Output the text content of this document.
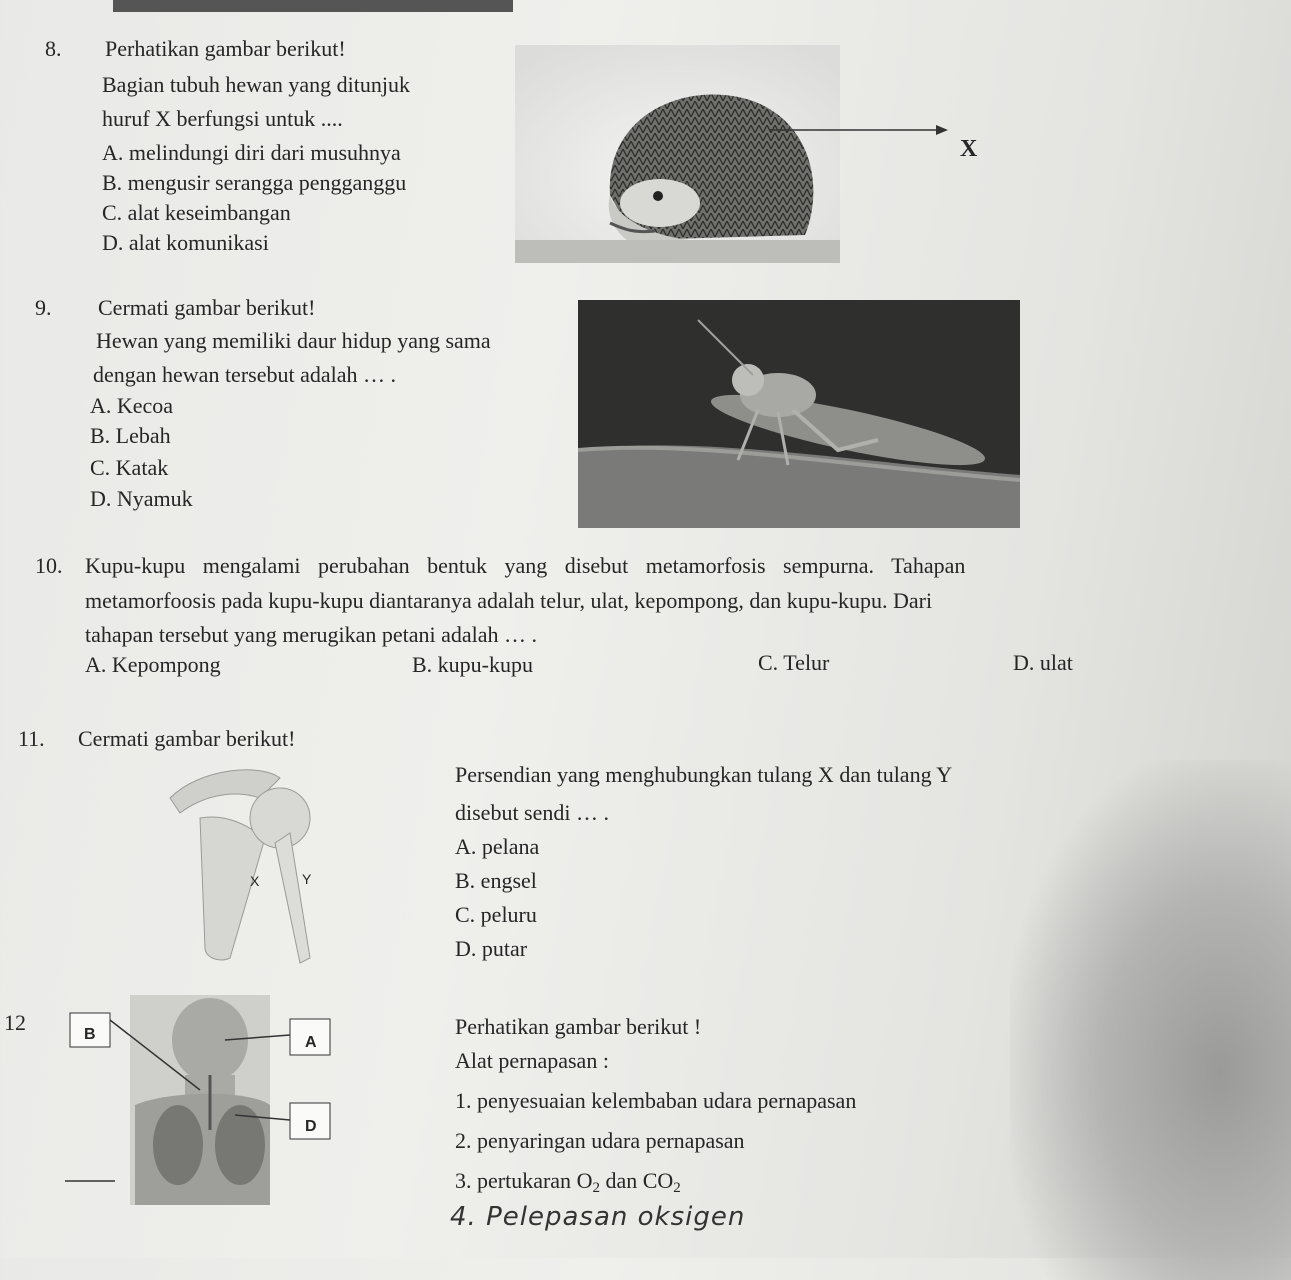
8. Perhatikan gambar berikut!
Bagian tubuh hewan yang ditunjuk
huruf X berfungsi untuk ....
A. melindungi diri dari musuhnya
B. mengusir serangga pengganggu
C. alat keseimbangan
D. alat komunikasi
X
9. Cermati gambar berikut!
Hewan yang memiliki daur hidup yang sama
dengan hewan tersebut adalah … .
A. Kecoa
B. Lebah
C. Katak
D. Nyamuk
10. Kupu-kupu mengalami perubahan bentuk yang disebut metamorfosis sempurna. Tahapan
metamorfoosis pada kupu-kupu diantaranya adalah telur, ulat, kepompong, dan kupu-kupu. Dari
tahapan tersebut yang merugikan petani adalah … .
A. Kepompong	B. kupu-kupu	C. Telur	D. ulat
11. Cermati gambar berikut!
X	Y
Persendian yang menghubungkan tulang X dan tulang Y
disebut sendi … .
A. pelana
B. engsel
C. peluru
D. putar
12	B	A
D
Perhatikan gambar berikut !
Alat pernapasan :
1. penyesuaian kelembaban udara pernapasan
2. penyaringan udara pernapasan
3. pertukaran $O_2$ dan $CO_2$
4. Pelepasan oksigen
